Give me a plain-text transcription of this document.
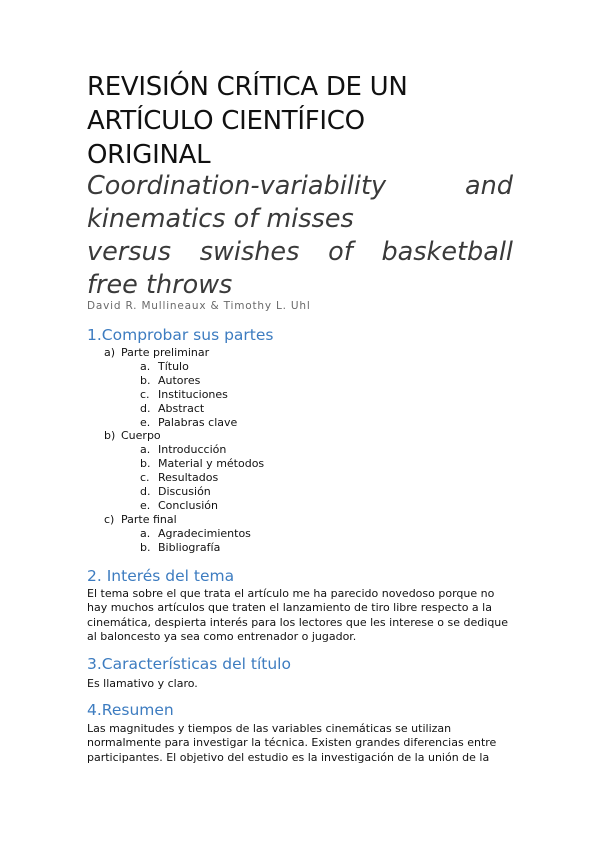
REVISIÓN CRÍTICA DE UN
ARTÍCULO CIENTÍFICO
ORIGINAL
Coordination-variability and
kinematics of misses
versus swishes of basketball
free throws
David R. Mullineaux & Timothy L. Uhl
1.Comprobar sus partes
a) Parte preliminar
a. Título
b. Autores
c. Instituciones
d. Abstract
e. Palabras clave
b) Cuerpo
a. Introducción
b. Material y métodos
c. Resultados
d. Discusión
e. Conclusión
c) Parte final
a. Agradecimientos
b. Bibliografía
2. Interés del tema
El tema sobre el que trata el artículo me ha parecido novedoso porque no
hay muchos artículos que traten el lanzamiento de tiro libre respecto a la
cinemática, despierta interés para los lectores que les interese o se dedique
al baloncesto ya sea como entrenador o jugador.
3.Características del título
Es llamativo y claro.
4.Resumen
Las magnitudes y tiempos de las variables cinemáticas se utilizan
normalmente para investigar la técnica. Existen grandes diferencias entre
participantes. El objetivo del estudio es la investigación de la unión de la
